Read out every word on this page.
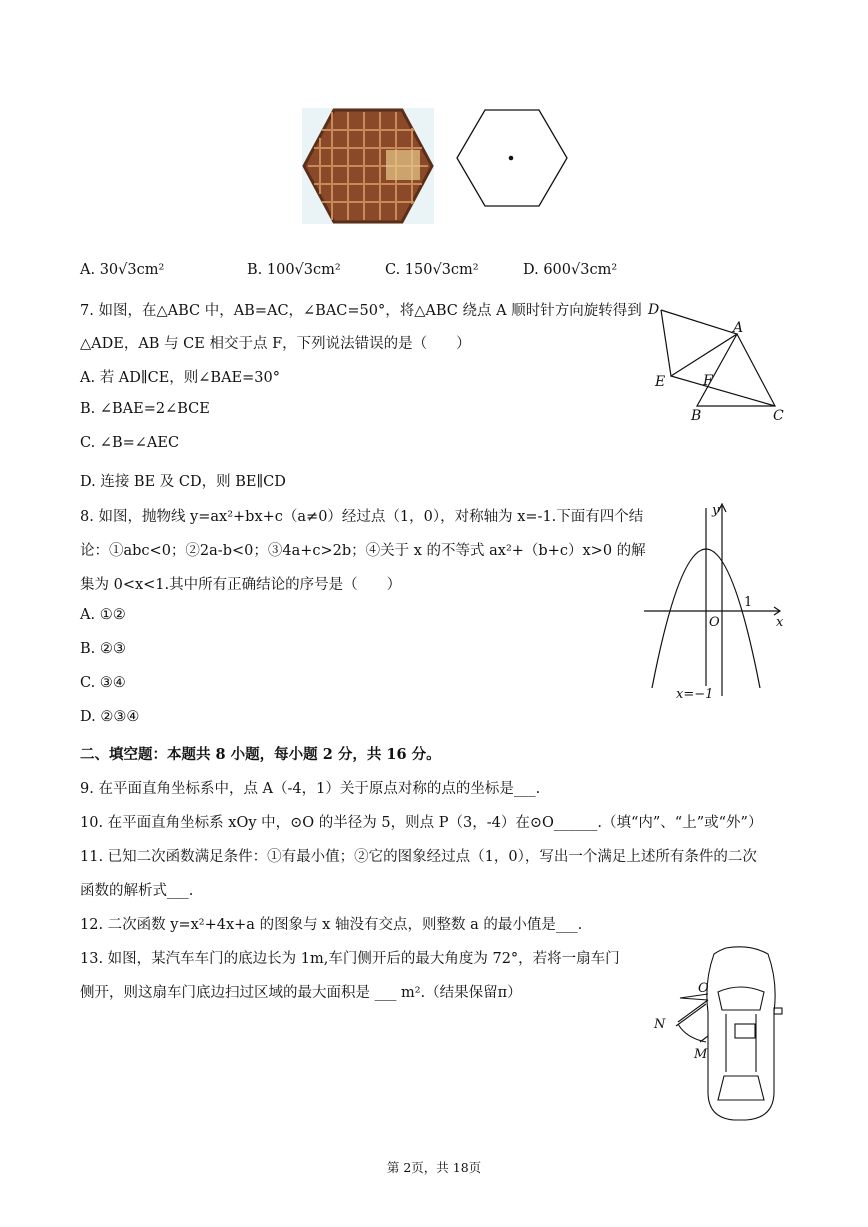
A. 30√3cm²	B. 100√3cm²	C. 150√3cm²	D. 600√3cm²
7. 如图，在△ABC 中，AB=AC，∠BAC=50°，将△ABC 绕点 A 顺时针方向旋转得到
△ADE，AB 与 CE 相交于点 F，下列说法错误的是（　　）
A. 若 AD∥CE，则∠BAE=30°
B. ∠BAE=2∠BCE
C. ∠B=∠AEC
D. 连接 BE 及 CD，则 BE∥CD
D
A
E	F
B	C
8. 如图，抛物线 y=ax²+bx+c（a≠0）经过点（1，0），对称轴为 x=-1.下面有四个结
论：①abc<0；②2a-b<0；③4a+c>2b；④关于 x 的不等式 ax²+（b+c）x>0 的解
集为 0<x<1.其中所有正确结论的序号是（　　）
A. ①②
B. ②③
C. ③④
D. ②③④
y
x
O
1
x=−1
二、填空题：本题共 8 小题，每小题 2 分，共 16 分。
9. 在平面直角坐标系中，点 A（-4，1）关于原点对称的点的坐标是___.
10. 在平面直角坐标系 xOy 中，⊙O 的半径为 5，则点 P（3，-4）在⊙O______.（填“内”、“上”或“外”）
11. 已知二次函数满足条件：①有最小值；②它的图象经过点（1，0），写出一个满足上述所有条件的二次
函数的解析式___.
12. 二次函数 y=x²+4x+a 的图象与 x 轴没有交点，则整数 a 的最小值是___.
13. 如图，某汽车车门的底边长为 1m,车门侧开后的最大角度为 72°，若将一扇车门
侧开，则这扇车门底边扫过区域的最大面积是 ___ m².（结果保留π）	O
N
M
第 2页，共 18页
